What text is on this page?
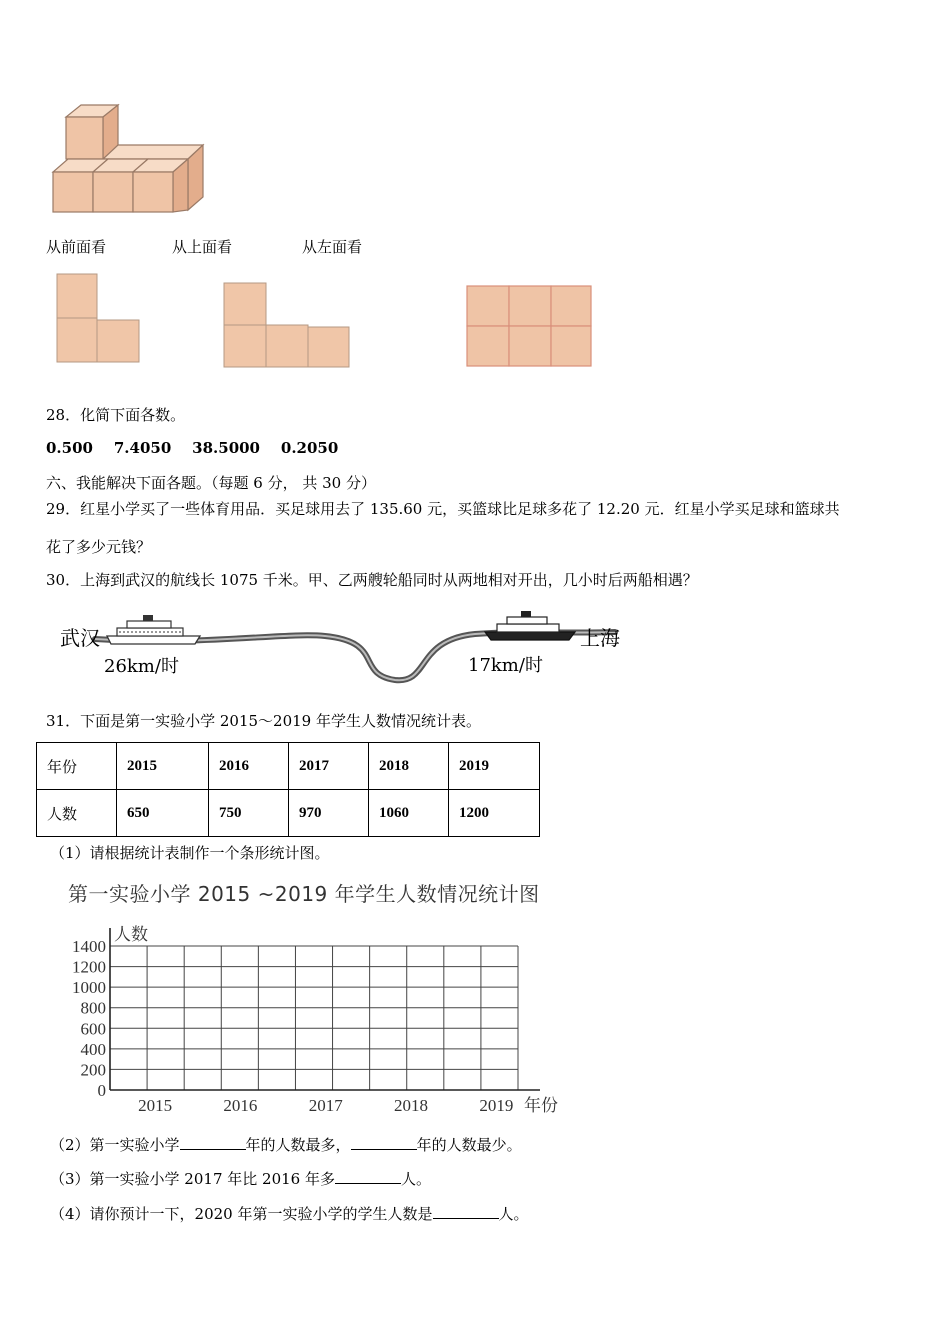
从前面看	从上面看	从左面看
28．化简下面各数。
0.500    7.4050    38.5000    0.2050
六、我能解决下面各题。（每题 6 分， 共 30 分）
29．红星小学买了一些体育用品．买足球用去了 135.60 元，买篮球比足球多花了 12.20 元．红星小学买足球和篮球共
花了多少元钱？
30．上海到武汉的航线长 1075 千米。甲、乙两艘轮船同时从两地相对开出，几小时后两船相遇？
武汉	上海
26km/时	17km/时
31．下面是第一实验小学 2015～2019 年学生人数情况统计表。
年份	2015	2016	2017	2018	2019
人数	650	750	970	1060	1200
（1）请根据统计表制作一个条形统计图。
第一实验小学 2015 ~2019 年学生人数情况统计图
0
200
400
600
800
1000
1200
1400
人数
2015	2016	2017	2018	2019 年份
（2）第一实验小学	年的人数最多，	年的人数最少。
（3）第一实验小学 2017 年比 2016 年多	人。
（4）请你预计一下，2020 年第一实验小学的学生人数是	人。
